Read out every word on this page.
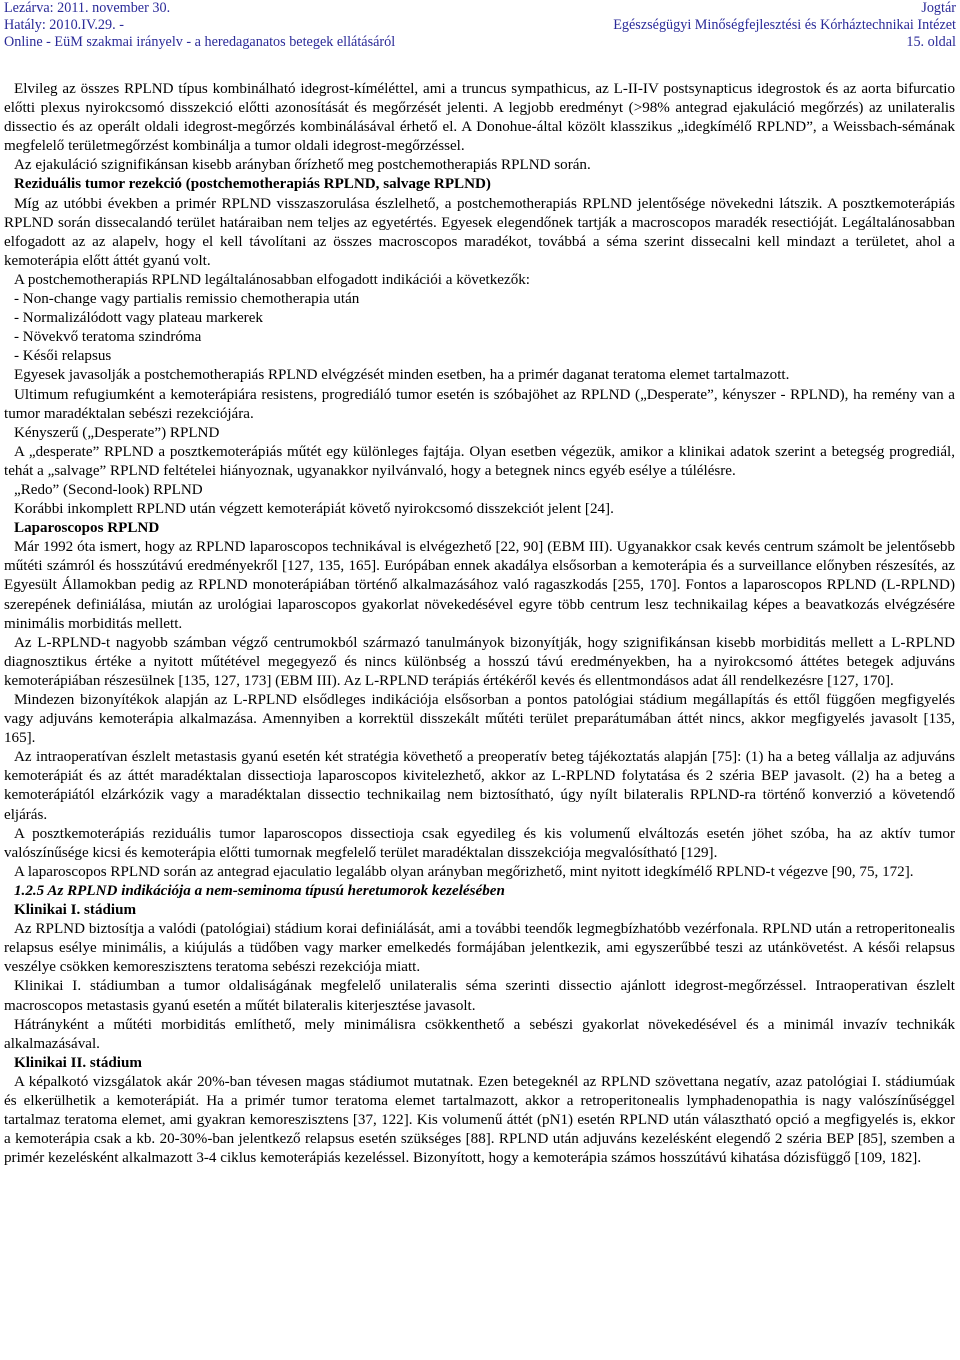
Lezárva: 2011. november 30.	Jogtár
Hatály: 2010.IV.29. -	Egészségügyi Minőségfejlesztési és Kórháztechnikai Intézet
Online - EüM szakmai irányelv - a heredaganatos betegek ellátásáról	15. oldal

Elvileg az összes RPLND típus kombinálható idegrost-kíméléttel, ami a truncus sympathicus, az L-II-IV postsynapticus idegrostok és az aorta bifurcatio előtti plexus nyirokcsomó disszekció előtti azonosítását és megőrzését jelenti. A legjobb eredményt (>98% antegrad ejakuláció megőrzés) az unilateralis dissectio és az operált oldali idegrost-megőrzés kombinálásával érhető el. A Donohue-által közölt klasszikus „idegkímélő RPLND”, a Weissbach-sémának megfelelő területmegőrzést kombinálja a tumor oldali idegrost-megőrzéssel.

Az ejakuláció szignifikánsan kisebb arányban őrízhető meg postchemotherapiás RPLND során.

Reziduális tumor rezekció (postchemotherapiás RPLND, salvage RPLND)

Míg az utóbbi években a primér RPLND visszaszorulása észlelhető, a postchemotherapiás RPLND jelentősége növekedni látszik. A posztkemoterápiás RPLND során dissecalandó terület határaiban nem teljes az egyetértés. Egyesek elegendőnek tartják a macroscopos maradék resectióját. Legáltalánosabban elfogadott az az alapelv, hogy el kell távolítani az összes macroscopos maradékot, továbbá a séma szerint dissecalni kell mindazt a területet, ahol a kemoterápia előtt áttét gyanú volt.

A postchemotherapiás RPLND legáltalánosabban elfogadott indikációi a következők:

- Non-change vagy partialis remissio chemotherapia után

- Normalizálódott vagy plateau markerek

- Növekvő teratoma szindróma

- Késői relapsus

Egyesek javasolják a postchemotherapiás RPLND elvégzését minden esetben, ha a primér daganat teratoma elemet tartalmazott.

Ultimum refugiumként a kemoterápiára resistens, progrediáló tumor esetén is szóbajöhet az RPLND („Desperate”, kényszer - RPLND), ha remény van a tumor maradéktalan sebészi rezekciójára.

Kényszerű („Desperate”) RPLND

A „desperate” RPLND a posztkemoterápiás műtét egy különleges fajtája. Olyan esetben végezük, amikor a klinikai adatok szerint a betegség progrediál, tehát a „salvage” RPLND feltételei hiányoznak, ugyanakkor nyilvánvaló, hogy a betegnek nincs egyéb esélye a túlélésre.

„Redo” (Second-look) RPLND

Korábbi inkomplett RPLND után végzett kemoterápiát követő nyirokcsomó disszekciót jelent [24].

Laparoscopos RPLND

Már 1992 óta ismert, hogy az RPLND laparoscopos technikával is elvégezhető [22, 90] (EBM III). Ugyanakkor csak kevés centrum számolt be jelentősebb műtéti számról és hosszútávú eredményekről [127, 135, 165]. Európában ennek akadálya elsősorban a kemoterápia és a surveillance előnyben részesítés, az Egyesült Államokban pedig az RPLND monoterápiában történő alkalmazásához való ragaszkodás [255, 170]. Fontos a laparoscopos RPLND (L-RPLND) szerepének definiálása, miután az urológiai laparoscopos gyakorlat növekedésével egyre több centrum lesz technikailag képes a beavatkozás elvégzésére minimális morbiditás mellett.

Az L-RPLND-t nagyobb számban végző centrumokból származó tanulmányok bizonyítják, hogy szignifikánsan kisebb morbiditás mellett a L-RPLND diagnosztikus értéke a nyitott műtétével megegyező és nincs különbség a hosszú távú eredményekben, ha a nyirokcsomó áttétes betegek adjuváns kemoterápiában részesülnek [135, 127, 173] (EBM III). Az L-RPLND terápiás értékéről kevés és ellentmondásos adat áll rendelkezésre [127, 170].

Mindezen bizonyítékok alapján az L-RPLND elsődleges indikációja elsősorban a pontos patológiai stádium megállapítás és ettől függően megfigyelés vagy adjuváns kemoterápia alkalmazása. Amennyiben a korrektül disszekált műtéti terület preparátumában áttét nincs, akkor megfigyelés javasolt [135, 165].

Az intraoperatívan észlelt metastasis gyanú esetén két stratégia követhető a preoperatív beteg tájékoztatás alapján [75]: (1) ha a beteg vállalja az adjuváns kemoterápiát és az áttét maradéktalan dissectioja laparoscopos kivitelezhető, akkor az L-RPLND folytatása és 2 széria BEP javasolt. (2) ha a beteg a kemoterápiától elzárkózik vagy a maradéktalan dissectio technikailag nem biztosítható, úgy nyílt bilateralis RPLND-ra történő konverzió a követendő eljárás.

A posztkemoterápiás reziduális tumor laparoscopos dissectioja csak egyedileg és kis volumenű elváltozás esetén jöhet szóba, ha az aktív tumor valószínűsége kicsi és kemoterápia előtti tumornak megfelelő terület maradéktalan disszekciója megvalósítható [129].

A laparoscopos RPLND során az antegrad ejaculatio legalább olyan arányban megőrizhető, mint nyitott idegkímélő RPLND-t végezve [90, 75, 172].

1.2.5 Az RPLND indikációja a nem-seminoma típusú heretumorok kezelésében

Klinikai I. stádium

Az RPLND biztosítja a valódi (patológiai) stádium korai definiálását, ami a további teendők legmegbízhatóbb vezérfonala. RPLND után a retroperitonealis relapsus esélye minimális, a kiújulás a tüdőben vagy marker emelkedés formájában jelentkezik, ami egyszerűbbé teszi az utánkövetést. A késői relapsus veszélye csökken kemoreszisztens teratoma sebészi rezekciója miatt.

Klinikai I. stádiumban a tumor oldaliságának megfelelő unilateralis séma szerinti dissectio ajánlott idegrost-megőrzéssel. Intraoperativan észlelt macroscopos metastasis gyanú esetén a műtét bilateralis kiterjesztése javasolt.

Hátrányként a műtéti morbiditás említhető, mely minimálisra csökkenthető a sebészi gyakorlat növekedésével és a minimál invazív technikák alkalmazásával.

Klinikai II. stádium

A képalkotó vizsgálatok akár 20%-ban tévesen magas stádiumot mutatnak. Ezen betegeknél az RPLND szövettana negatív, azaz patológiai I. stádiumúak és elkerülhetik a kemoterápiát. Ha a primér tumor teratoma elemet tartalmazott, akkor a retroperitonealis lymphadenopathia is nagy valószínűséggel tartalmaz teratoma elemet, ami gyakran kemoreszisztens [37, 122]. Kis volumenű áttét (pN1) esetén RPLND után választható opció a megfigyelés is, ekkor a kemoterápia csak a kb. 20-30%-ban jelentkező relapsus esetén szükséges [88]. RPLND után adjuváns kezelésként elegendő 2 széria BEP [85], szemben a primér kezelésként alkalmazott 3-4 ciklus kemoterápiás kezeléssel. Bizonyított, hogy a kemoterápia számos hosszútávú kihatása dózisfüggő [109, 182].
